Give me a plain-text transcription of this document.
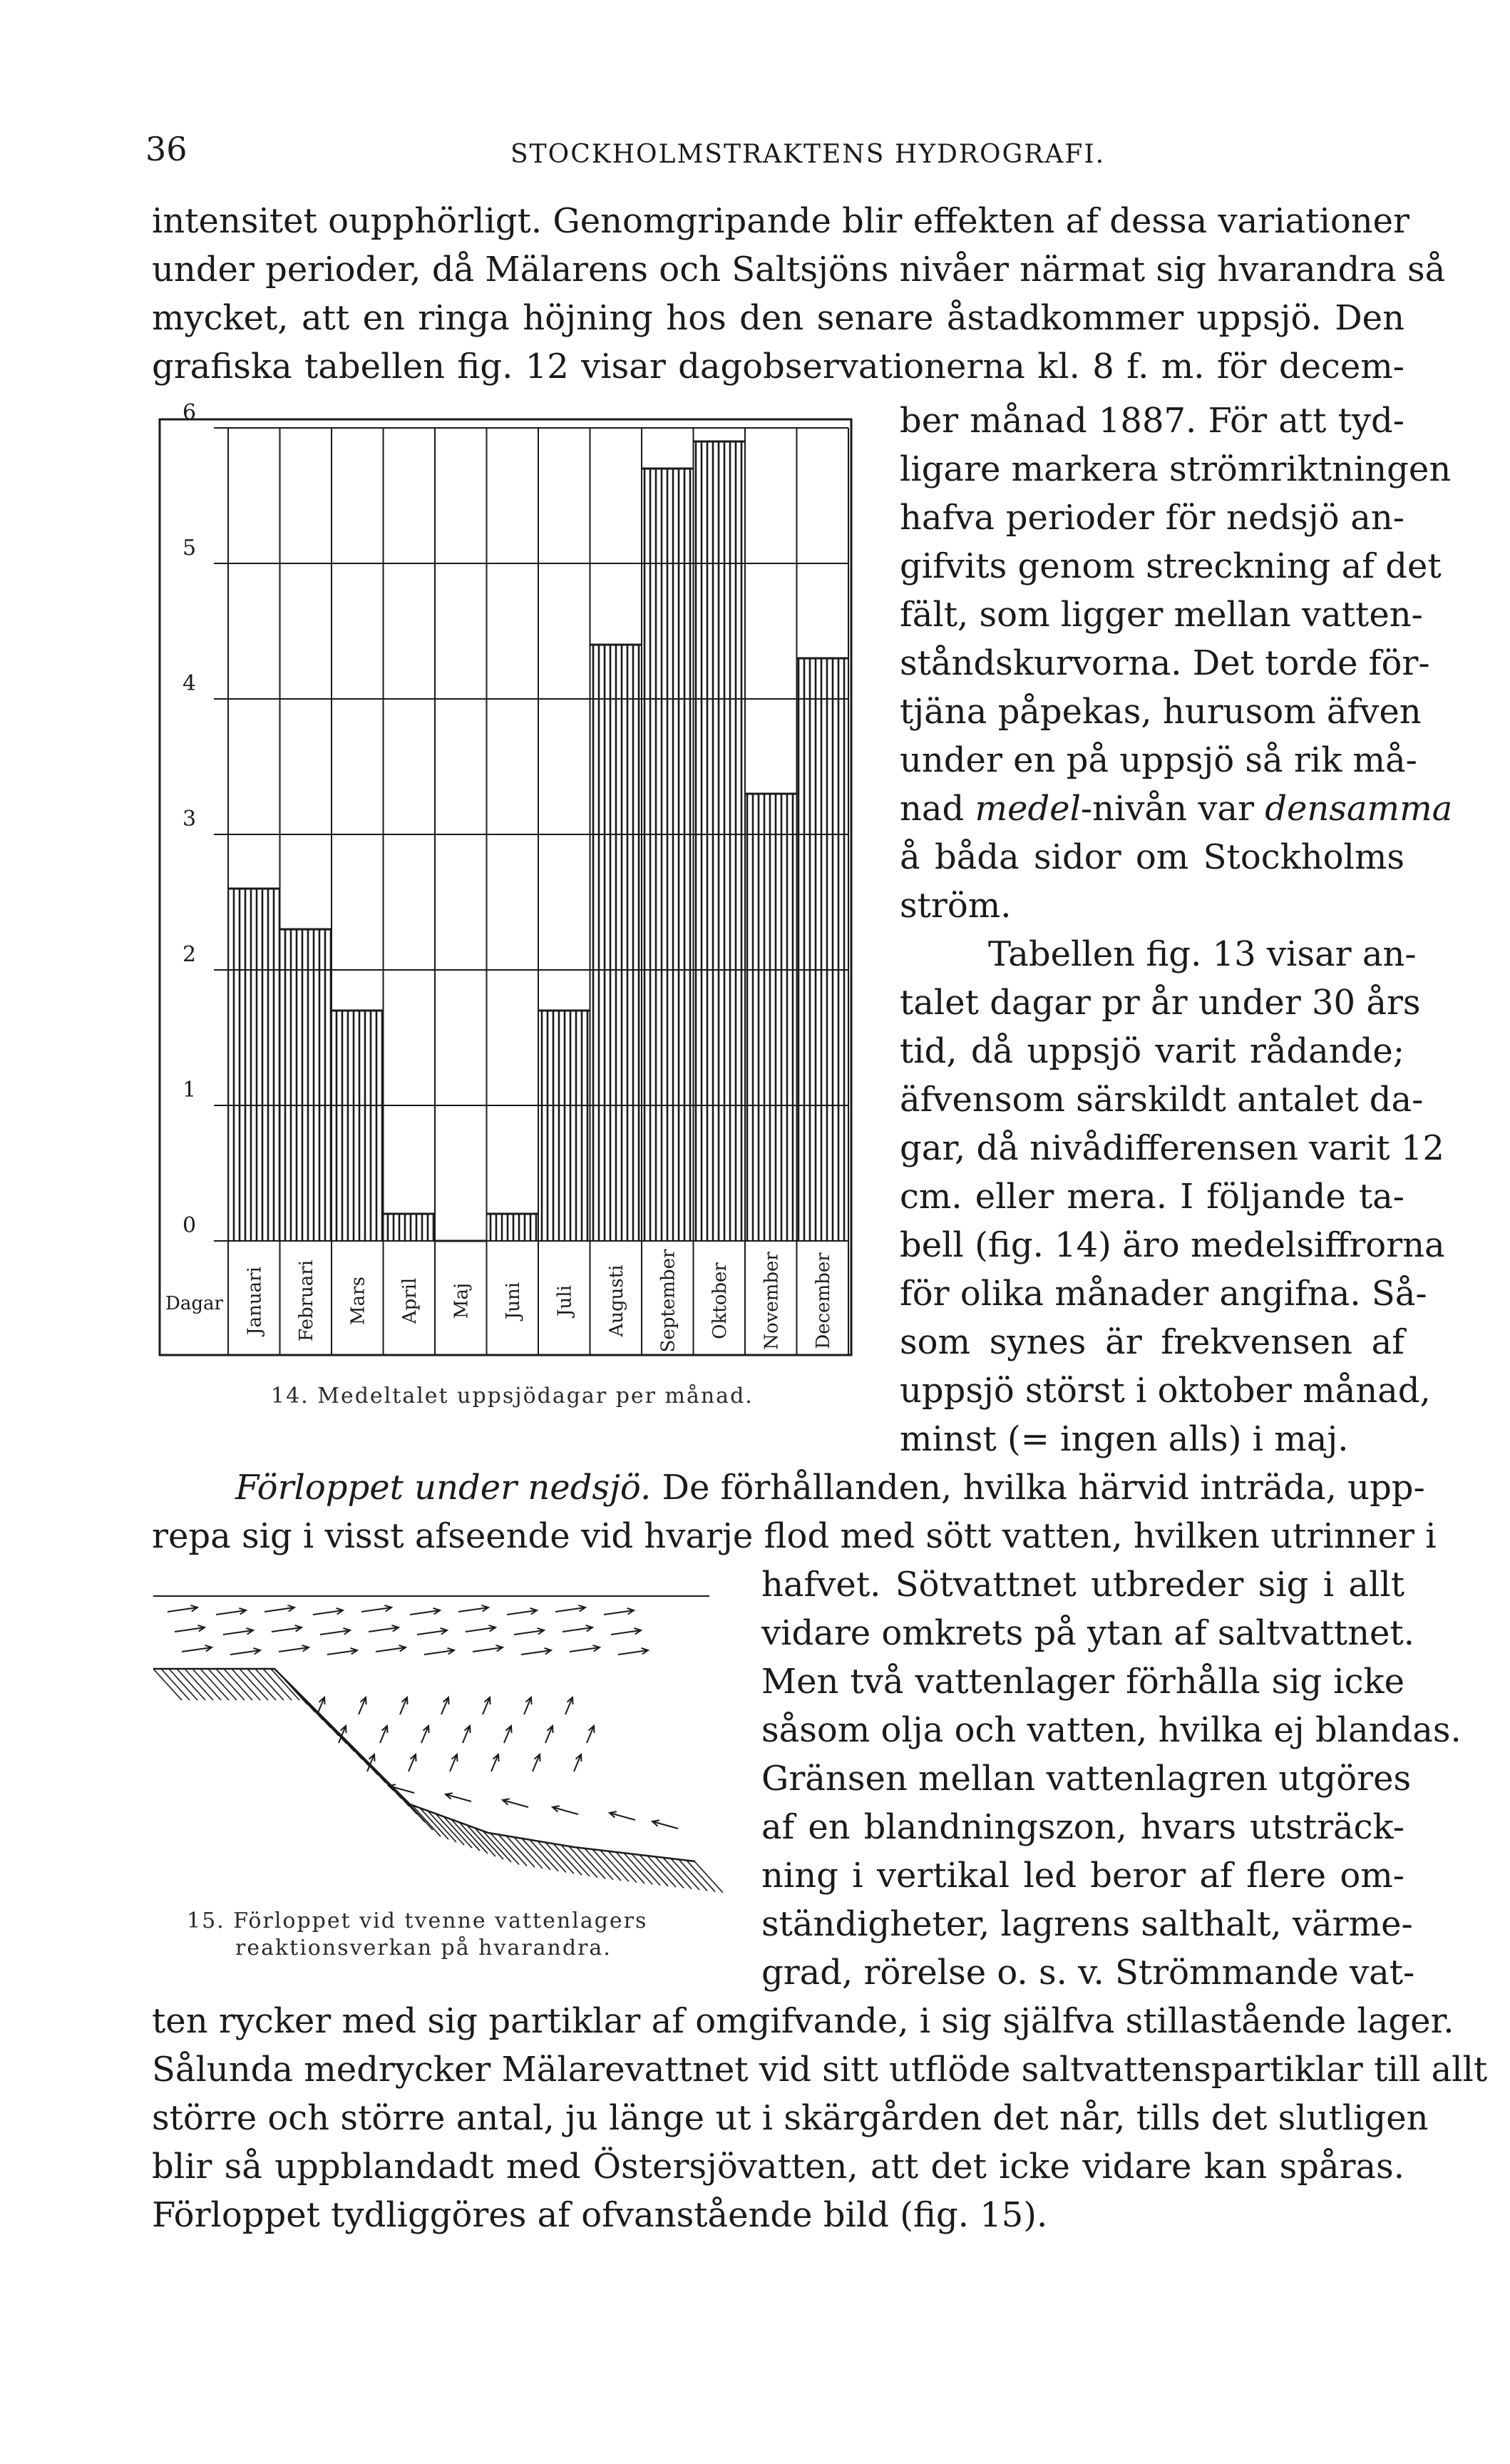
36	STOCKHOLMSTRAKTENS HYDROGRAFI.
intensitet oupphörligt. Genomgripande blir effekten af dessa variationer
under perioder, då Mälarens och Saltsjöns nivåer närmat sig hvarandra så
mycket, att en ringa höjning hos den senare åstadkommer uppsjö. Den
grafiska tabellen fig. 12 visar dagobservationerna kl. 8 f. m. för decem-
ber månad 1887. För att tyd-
ligare markera strömriktningen
hafva perioder för nedsjö an-
gifvits genom streckning af det
fält, som ligger mellan vatten-
ståndskurvorna. Det torde för-
tjäna påpekas, hurusom äfven
under en på uppsjö så rik må-
nad medel-nivån var densamma
å båda sidor om Stockholms
ström.
Tabellen fig. 13 visar an-
talet dagar pr år under 30 års
tid, då uppsjö varit rådande;
äfvensom särskildt antalet da-
gar, då nivådifferensen varit 12
cm. eller mera. I följande ta-
bell (fig. 14) äro medelsiffrorna
för olika månader angifna. Så-
som synes är frekvensen af
uppsjö störst i oktober månad,
minst (= ingen alls) i maj.
Förloppet under nedsjö. De förhållanden, hvilka härvid inträda, upp-
repa sig i visst afseende vid hvarje flod med sött vatten, hvilken utrinner i
hafvet. Sötvattnet utbreder sig i allt
vidare omkrets på ytan af saltvattnet.
Men två vattenlager förhålla sig icke
såsom olja och vatten, hvilka ej blandas.
Gränsen mellan vattenlagren utgöres
af en blandningszon, hvars utsträck-
ning i vertikal led beror af flere om-
ständigheter, lagrens salthalt, värme-
grad, rörelse o. s. v. Strömmande vat-
ten rycker med sig partiklar af omgifvande, i sig själfva stillastående lager.
Sålunda medrycker Mälarevattnet vid sitt utflöde saltvattenspartiklar till allt
större och större antal, ju länge ut i skärgården det når, tills det slutligen
blir så uppblandadt med Östersjövatten, att det icke vidare kan spåras.
Förloppet tydliggöres af ofvanstående bild (fig. 15).
0
1
2
3
4
5
6
Januari Februari Mars April Maj Juni Juli Augusti September Oktober November December
Dagar
14. Medeltalet uppsjödagar per månad.
15. Förloppet vid tvenne vattenlagers
reaktionsverkan på hvarandra.
